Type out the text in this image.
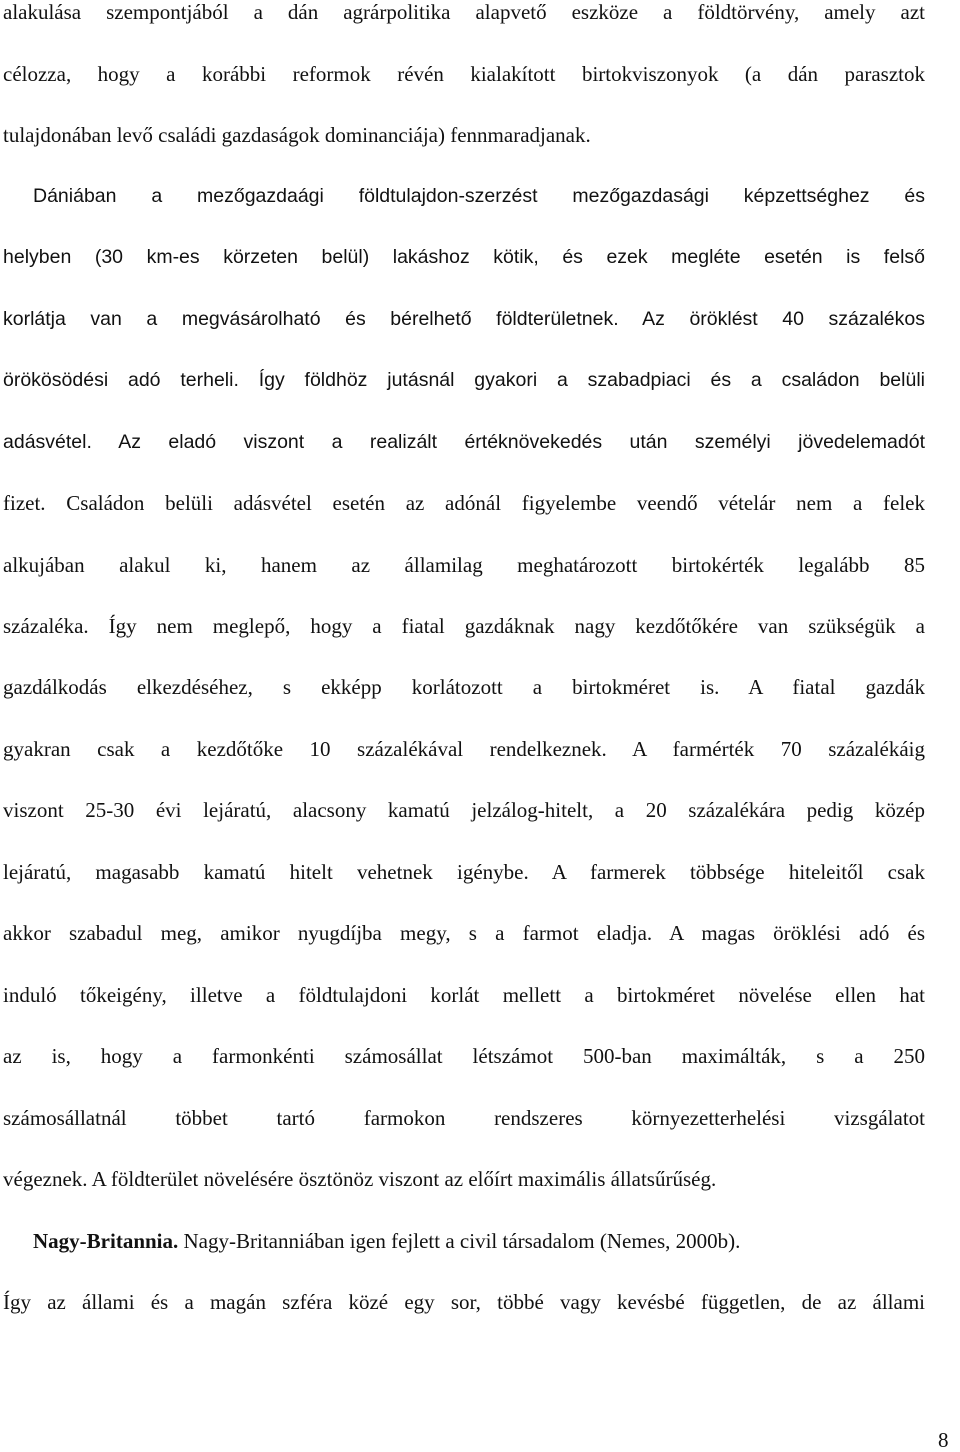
alakulása szempontjából a dán agrárpolitika alapvető eszköze a földtörvény, amely azt
célozza, hogy a korábbi reformok révén kialakított birtokviszonyok (a dán parasztok
tulajdonában levő családi gazdaságok dominanciája) fennmaradjanak.
Dániában a mezőgazdaági földtulajdon-szerzést mezőgazdasági képzettséghez és
helyben (30 km-es körzeten belül) lakáshoz kötik, és ezek megléte esetén is felső
korlátja van a megvásárolható és bérelhető földterületnek. Az öröklést 40 százalékos
örökösödési adó terheli. Így földhöz jutásnál gyakori a szabadpiaci és a családon belüli
adásvétel. Az eladó viszont a realizált értéknövekedés után személyi jövedelemadót
fizet. Családon belüli adásvétel esetén az adónál figyelembe veendő vételár nem a felek
alkujában alakul ki, hanem az államilag meghatározott birtokérték legalább 85
százaléka. Így nem meglepő, hogy a fiatal gazdáknak nagy kezdőtőkére van szükségük a
gazdálkodás elkezdéséhez, s ekképp korlátozott a birtokméret is. A fiatal gazdák
gyakran csak a kezdőtőke 10 százalékával rendelkeznek. A farmérték 70 százalékáig
viszont 25-30 évi lejáratú, alacsony kamatú jelzálog-hitelt, a 20 százalékára pedig közép
lejáratú, magasabb kamatú hitelt vehetnek igénybe. A farmerek többsége hiteleitől csak
akkor szabadul meg, amikor nyugdíjba megy, s a farmot eladja. A magas öröklési adó és
induló tőkeigény, illetve a földtulajdoni korlát mellett a birtokméret növelése ellen hat
az is, hogy a farmonkénti számosállat létszámot 500-ban maximálták, s a 250
számosállatnál többet tartó farmokon rendszeres környezetterhelési vizsgálatot
végeznek. A földterület növelésére ösztönöz viszont az előírt maximális állatsűrűség.
Nagy-Britannia. Nagy-Britanniában igen fejlett a civil társadalom (Nemes, 2000b).
Így az állami és a magán szféra közé egy sor, többé vagy kevésbé független, de az állami
8
